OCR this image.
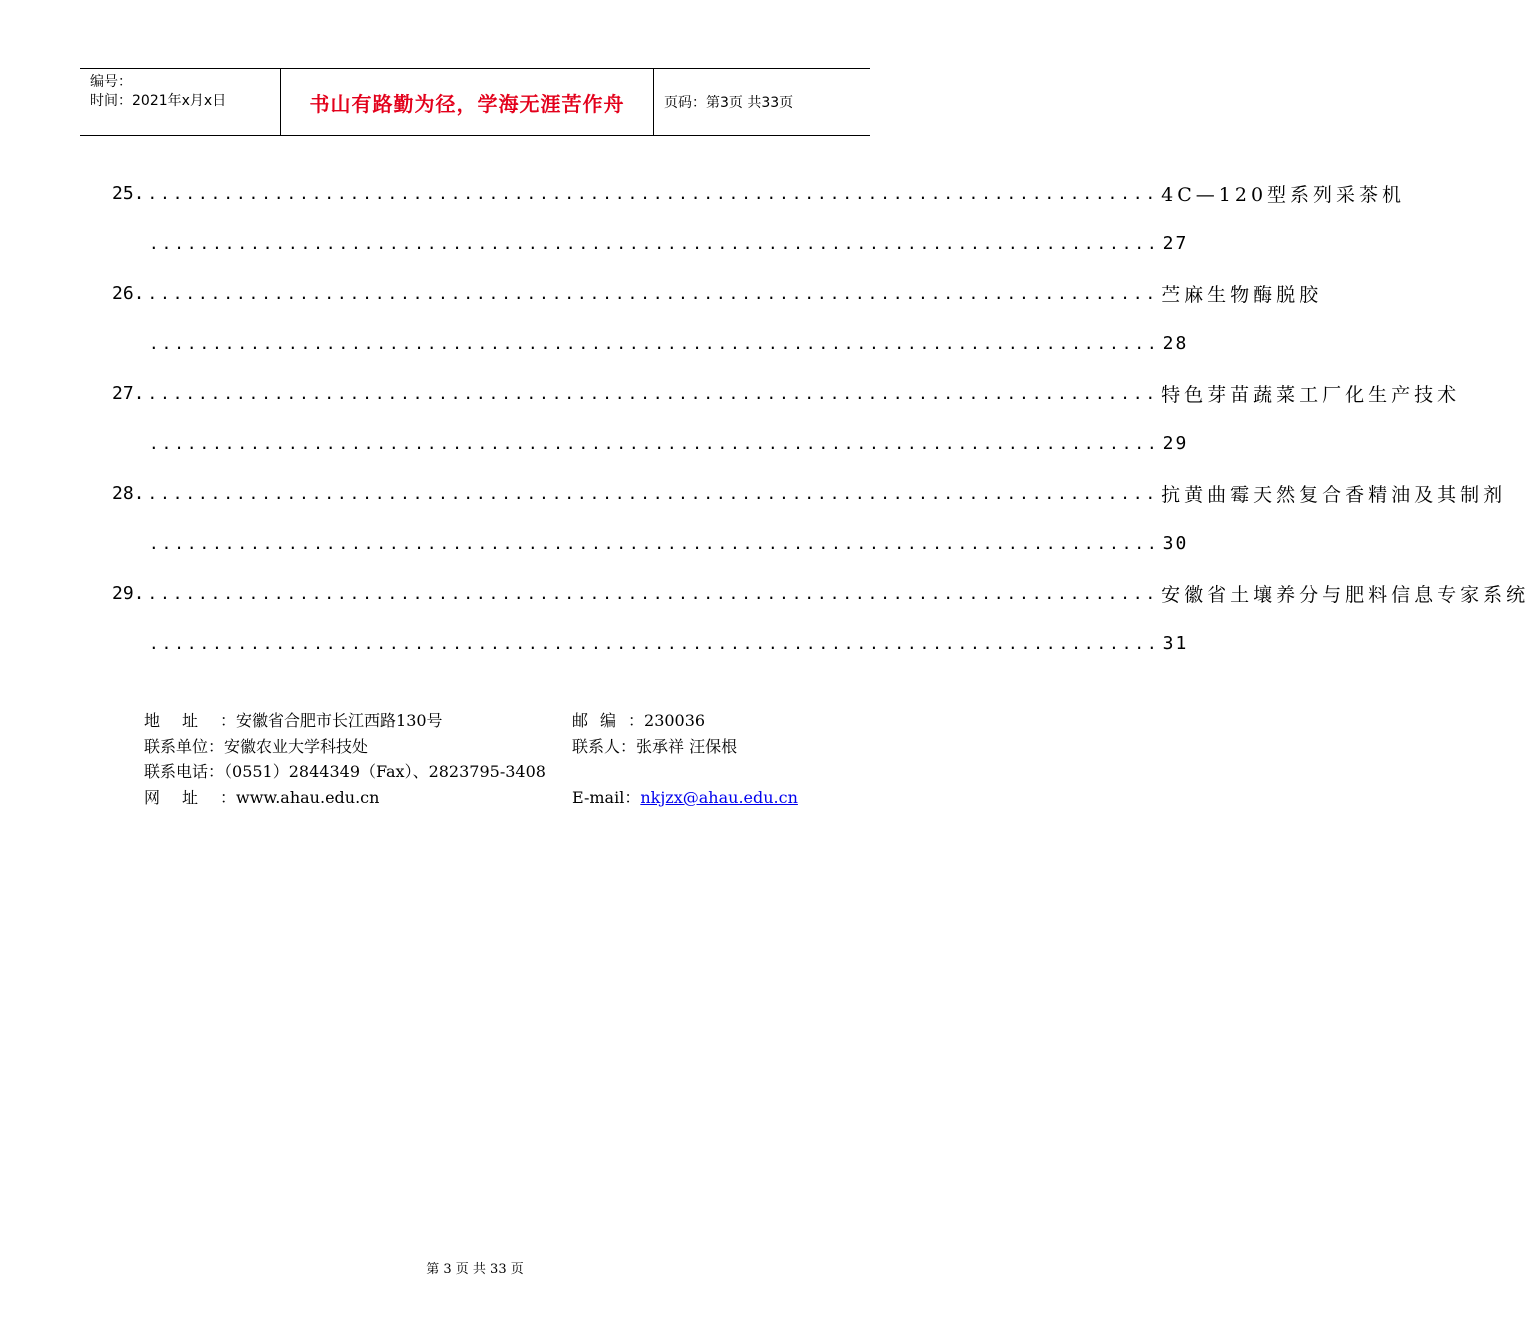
编号：
时间：2021年x月x日	书山有路勤为径，学海无涯苦作舟	页码：第3页 共33页
25. ................................................................................ 4C—120型系列采茶机
................................................................................ 27
26. ................................................................................ 苎麻生物酶脱胶
................................................................................ 28
27. ................................................................................ 特色芽苗蔬菜工厂化生产技术
................................................................................ 29
28. ................................................................................ 抗黄曲霉天然复合香精油及其制剂
................................................................................ 30
29. ................................................................................ 安徽省土壤养分与肥料信息专家系统
................................................................................ 31
地址 ：安徽省合肥市长江西路130号	邮编 ：230036
联系单位 ：安徽农业大学科技处	联系人 ：张承祥 汪保根
联系电话 ：（0551）2844349（Fax）、2823795-3408
网址 ：www.ahau.edu.cn	E-mail ： nkjzx@ahau.edu.cn
第 3 页 共 33 页
